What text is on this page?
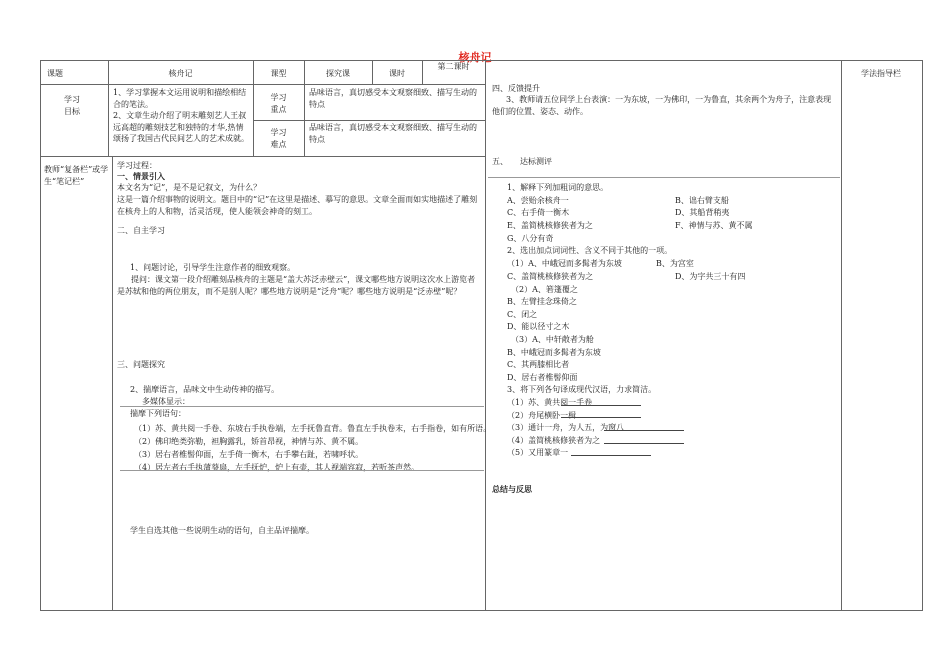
核舟记
课题	核舟记	课型	探究课	课时
第二课时
学法指导栏
学习
目标
1、学习掌握本文运用说明和描绘相结合的笔法。
2、文章生动介绍了明末雕刻艺人王叔远高超的雕刻技艺和独特的才华,热情颂扬了我国古代民间艺人的艺术成就。
学习
重点
品味语言，真切感受本文观察细致、描写生动的特点
学习
难点
品味语言，真切感受本文观察细致、描写生动的特点
教师“复备栏”或学生“笔记栏”
学习过程：
一、情景引入
本文名为“记”，是不是记叙文，为什么？
这是一篇介绍事物的说明文。题目中的“记”在这里是描述、摹写的意思。文章全面而如实地描述了雕刻在核舟上的人和物，活灵活现，使人能领会神奇的刻工。
二、自主学习
1、问题讨论，引导学生注意作者的细致观察。
提问：课文第一段介绍雕刻品核舟的主题是“盖大苏泛赤壁云”，课文哪些地方说明这次水上游览者是苏轼和他的两位朋友，而不是别人呢？哪些地方说明是“泛舟”呢？哪些地方说明是“泛赤壁”呢？
三、问题探究
2、揣摩语言，品味文中生动传神的描写。
多媒体显示：
揣摩下列语句：
（1）苏、黄共阅一手卷、东坡右手执卷端，左手抚鲁直背。鲁直左手执卷末，右手指卷，如有所语。
（2）佛印绝类弥勒，袒胸露乳，矫首昂视，神情与苏、黄不属。
（3）居右者椎髻仰面，左手倚一衡木，右手攀右趾，若啸呼状。
（4）居左者右手执蒲葵扇，左手抚炉，炉上有壶，其人视端容寂，若听茶声然。
学生自选其他一些说明生动的语句，自主品评揣摩。
四、反馈提升
3、教师请五位同学上台表演：一为东坡，一为佛印，一为鲁直，其余两个为舟子，注意表现他们的位置、姿态、动作。
五、　　达标测评
1、解释下列加粗词的意思。
A、尝贻余核舟一	B、诎右臂支船
C、右手倚一衡木	D、其船背稍夷
E、盖简桃核修狭者为之	F、神情与苏、黄不属
G、八分有奇
2、选出加点词词性、含义不同于其他的一项。
（1）A、中峨冠而多髯者为东坡	B、为宫室
C、盖简桃核修狭者为之	D、为字共三十有四
（2）A、箬篷覆之
B、左臂挂念珠倚之
C、闭之
D、能以径寸之木
（3）A、中轩敞者为舱
B、中峨冠而多髯者为东坡
C、其两膝相比者
D、居右者椎髻仰面
3、将下列各句译成现代汉语，力求简洁。
（1）苏、黄共阅一手卷
（2）舟尾横卧一楫
（3）通计一舟，为人五，为窗八
（4）盖简桃核修狭者为之
（5）又用篆章一
总结与反思
